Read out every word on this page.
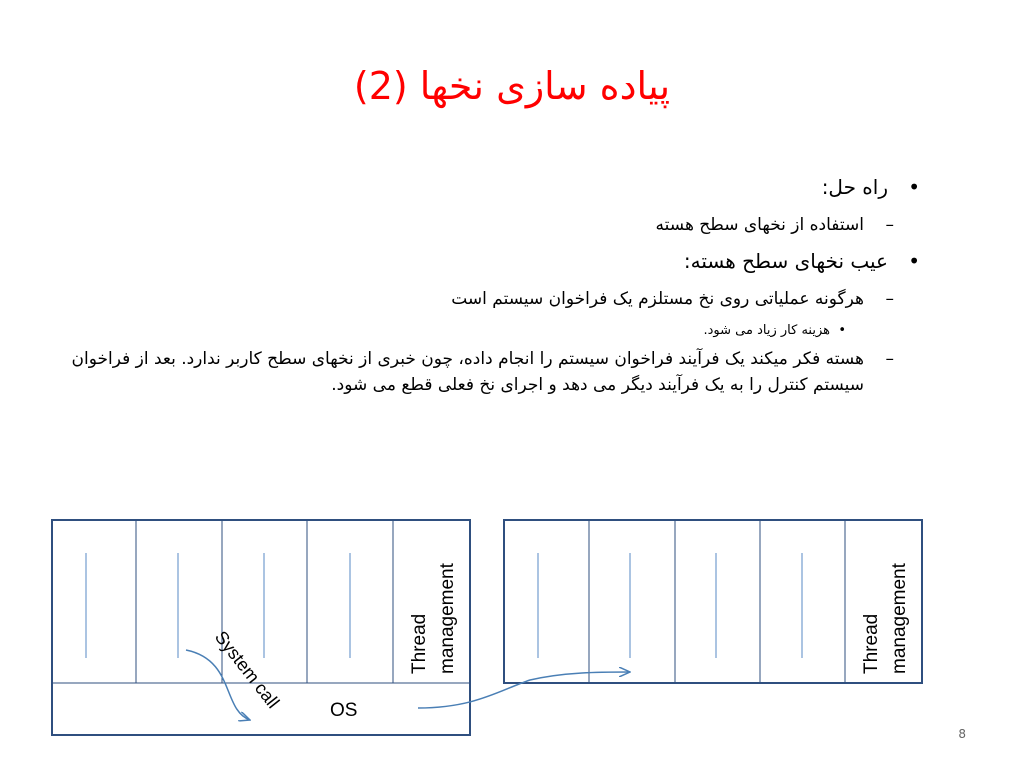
پیاده سازی نخها (2)
•
راه حل:
–
استفاده از نخهای سطح هسته
•
عیب نخهای سطح هسته:
–
هرگونه عملیاتی روی نخ مستلزم یک فراخوان سیستم است
•
هزینه کار زیاد می شود.
–
هسته فکر میکند یک فرآیند فراخوان سیستم را انجام داده، چون خبری از نخهای سطح کاربر ندارد. بعد از فراخوان سیستم کنترل را به یک فرآیند دیگر می دهد و اجرای نخ فعلی قطع می شود.
Thread management
OS
Thread management
System call
8
